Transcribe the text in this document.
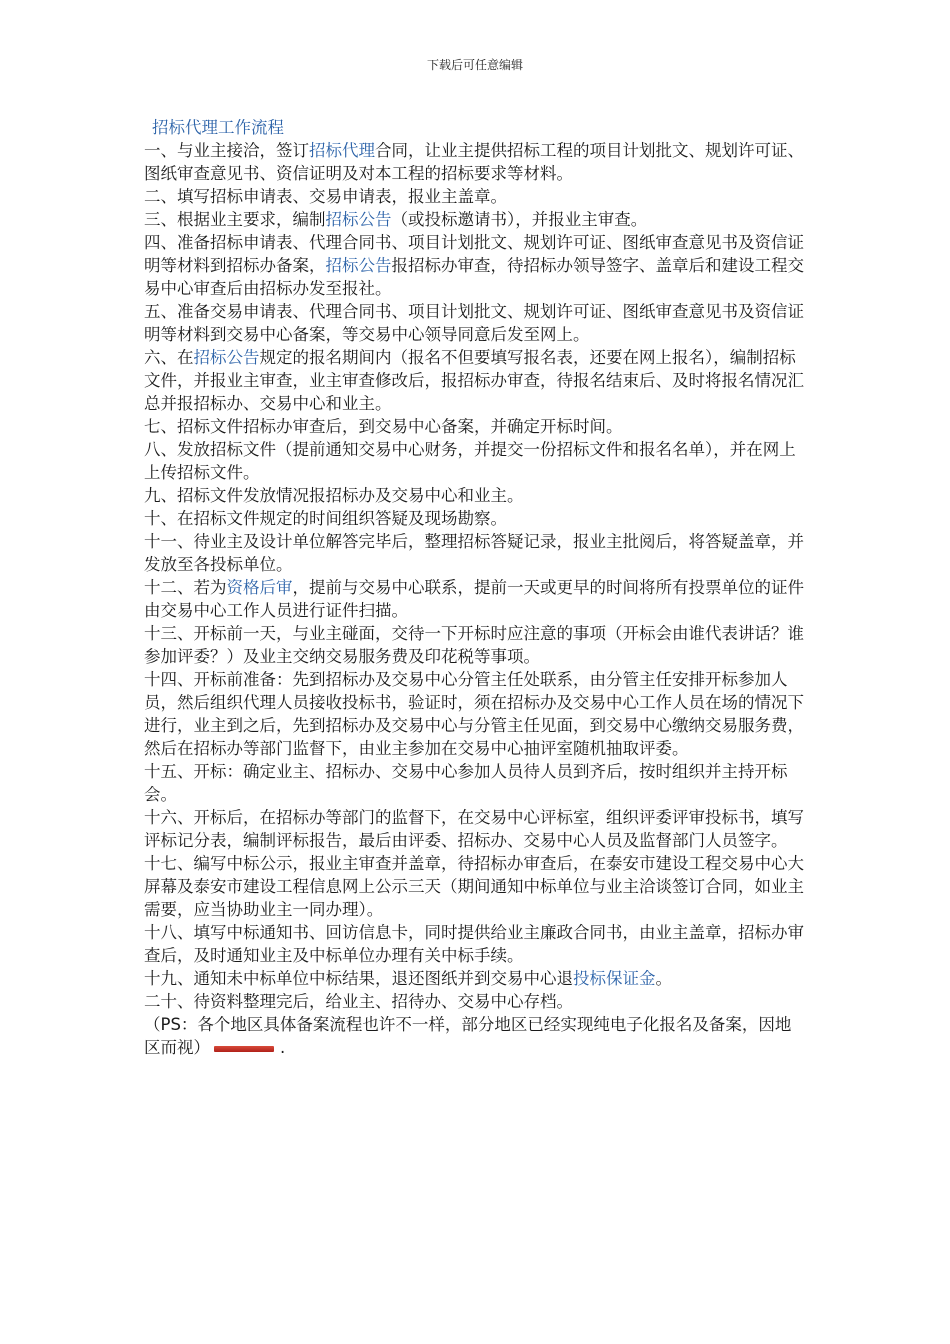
下载后可任意编辑
招标代理工作流程

一、与业主接洽，签订招标代理合同，让业主提供招标工程的项目计划批文、规划许可证、图纸审查意见书、资信证明及对本工程的招标要求等材料。

二、填写招标申请表、交易申请表，报业主盖章。

三、根据业主要求，编制招标公告（或投标邀请书），并报业主审查。

四、准备招标申请表、代理合同书、项目计划批文、规划许可证、图纸审查意见书及资信证明等材料到招标办备案，招标公告报招标办审查，待招标办领导签字、盖章后和建设工程交易中心审查后由招标办发至报社。

五、准备交易申请表、代理合同书、项目计划批文、规划许可证、图纸审查意见书及资信证明等材料到交易中心备案，等交易中心领导同意后发至网上。

六、在招标公告规定的报名期间内（报名不但要填写报名表，还要在网上报名），编制招标文件，并报业主审查，业主审查修改后，报招标办审查，待报名结束后、及时将报名情况汇总并报招标办、交易中心和业主。

七、招标文件招标办审查后，到交易中心备案，并确定开标时间。

八、发放招标文件（提前通知交易中心财务，并提交一份招标文件和报名名单），并在网上上传招标文件。

九、招标文件发放情况报招标办及交易中心和业主。

十、在招标文件规定的时间组织答疑及现场勘察。

十一、待业主及设计单位解答完毕后，整理招标答疑记录，报业主批阅后，将答疑盖章，并发放至各投标单位。

十二、若为资格后审，提前与交易中心联系，提前一天或更早的时间将所有投票单位的证件由交易中心工作人员进行证件扫描。

十三、开标前一天，与业主碰面，交待一下开标时应注意的事项（开标会由谁代表讲话？谁参加评委？）及业主交纳交易服务费及印花税等事项。

十四、开标前准备：先到招标办及交易中心分管主任处联系，由分管主任安排开标参加人员，然后组织代理人员接收投标书，验证时，须在招标办及交易中心工作人员在场的情况下进行，业主到之后，先到招标办及交易中心与分管主任见面，到交易中心缴纳交易服务费，然后在招标办等部门监督下，由业主参加在交易中心抽评室随机抽取评委。

十五、开标：确定业主、招标办、交易中心参加人员待人员到齐后，按时组织并主持开标会。

十六、开标后，在招标办等部门的监督下，在交易中心评标室，组织评委评审投标书，填写评标记分表，编制评标报告，最后由评委、招标办、交易中心人员及监督部门人员签字。

十七、编写中标公示，报业主审查并盖章，待招标办审查后，在泰安市建设工程交易中心大屏幕及泰安市建设工程信息网上公示三天（期间通知中标单位与业主洽谈签订合同，如业主需要，应当协助业主一同办理）。

十八、填写中标通知书、回访信息卡，同时提供给业主廉政合同书，由业主盖章，招标办审查后，及时通知业主及中标单位办理有关中标手续。

十九、通知未中标单位中标结果，退还图纸并到交易中心退投标保证金。

二十、待资料整理完后，给业主、招待办、交易中心存档。

（PS：各个地区具体备案流程也许不一样，部分地区已经实现纯电子化报名及备案，因地区而视）	.
